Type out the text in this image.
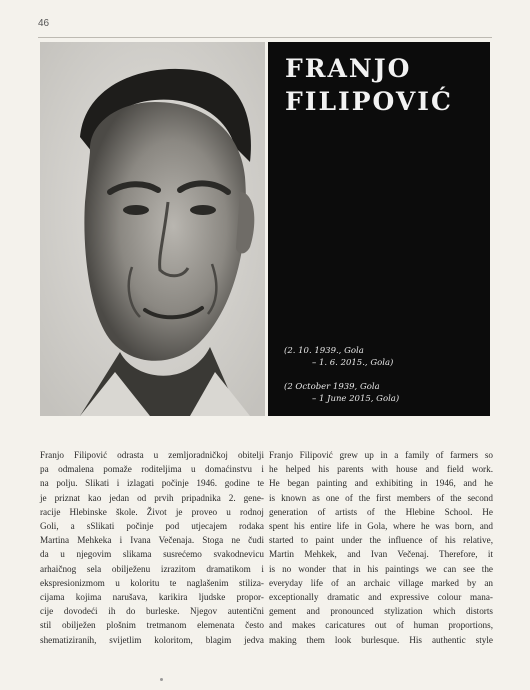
46
FRANJO
FILIPOVIĆ
(2. 10. 1939., Gola
– 1. 6. 2015., Gola)
(2 October 1939, Gola
– 1 June 2015, Gola)
Franjo Filipović odrasta u zemljoradničkoj obitelji
pa odmalena pomaže roditeljima u domaćinstvu i
na polju. Slikati i izlagati počinje 1946. godine te
je priznat kao jedan od prvih pripadnika 2. gene-
racije Hlebinske škole. Život je proveo u rodnoj
Goli, a sSlikati počinje pod utjecajem rodaka
Martina Mehkeka i Ivana Večenaja. Stoga ne čudi
da u njegovim slikama susrećemo svakodnevicu
arhaičnog sela obilježenu izrazitom dramatikom i
ekspresionizmom u koloritu te naglašenim stiliza-
cijama kojima narušava, karikira ljudske propor-
cije dovodeći ih do burleske. Njegov autentični
stil obilježen plošnim tretmanom elemenata često
shematiziranih, svijetlim koloritom, blagim jedva
Franjo Filipović grew up in a family of farmers so
he helped his parents with house and field work.
He began painting and exhibiting in 1946, and he
is known as one of the first members of the second
generation of artists of the Hlebine School. He
spent his entire life in Gola, where he was born, and
started to paint under the influence of his relative,
Martin Mehkek, and Ivan Večenaj. Therefore, it
is no wonder that in his paintings we can see the
everyday life of an archaic village marked by an
exceptionally dramatic and expressive colour mana-
gement and pronounced stylization which distorts
and makes caricatures out of human proportions,
making them look burlesque. His authentic style
